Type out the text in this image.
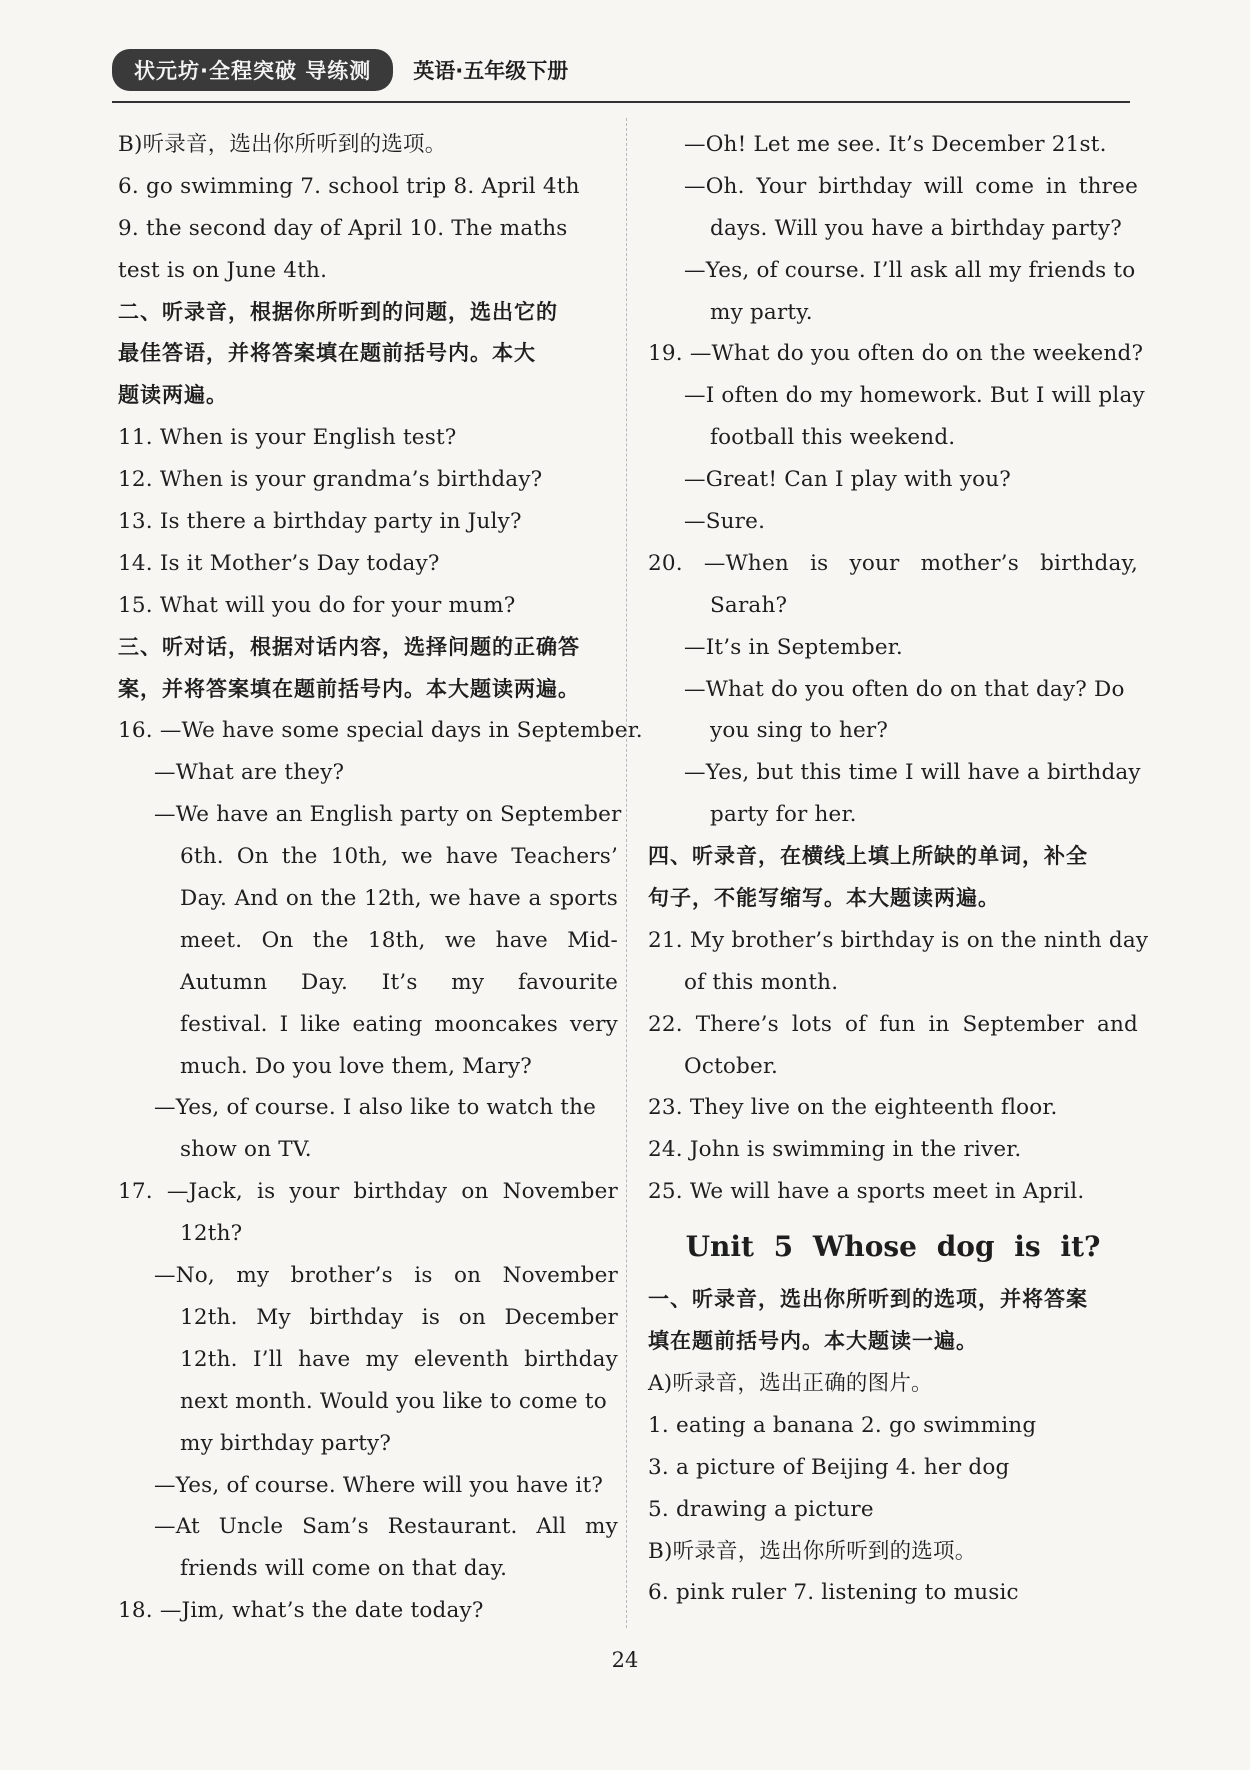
状元坊·全程突破 导练测	英语·五年级下册
B)听录音，选出你所听到的选项。
6. go swimming 7. school trip 8. April 4th
9. the second day of April 10. The maths
test is on June 4th.
二、听录音，根据你所听到的问题，选出它的
最佳答语，并将答案填在题前括号内。本大
题读两遍。
11. When is your English test?
12. When is your grandma’s birthday?
13. Is there a birthday party in July?
14. Is it Mother’s Day today?
15. What will you do for your mum?
三、听对话，根据对话内容，选择问题的正确答
案，并将答案填在题前括号内。本大题读两遍。
16. —We have some special days in September.
—What are they?
—We have an English party on September
6th. On the 10th, we have Teachers’
Day. And on the 12th, we have a sports
meet. On the 18th, we have Mid-
Autumn Day. It’s my favourite
festival. I like eating mooncakes very
much. Do you love them, Mary?
—Yes, of course. I also like to watch the
show on TV.
17. —Jack, is your birthday on November
12th?
—No, my brother’s is on November
12th. My birthday is on December
12th. I’ll have my eleventh birthday
next month. Would you like to come to
my birthday party?
—Yes, of course. Where will you have it?
—At Uncle Sam’s Restaurant. All my
friends will come on that day.
18. —Jim, what’s the date today?
—Oh! Let me see. It’s December 21st.
—Oh. Your birthday will come in three
days. Will you have a birthday party?
—Yes, of course. I’ll ask all my friends to
my party.
19. —What do you often do on the weekend?
—I often do my homework. But I will play
football this weekend.
—Great! Can I play with you?
—Sure.
20. —When is your mother’s birthday,
Sarah?
—It’s in September.
—What do you often do on that day? Do
you sing to her?
—Yes, but this time I will have a birthday
party for her.
四、听录音，在横线上填上所缺的单词，补全
句子，不能写缩写。本大题读两遍。
21. My brother’s birthday is on the ninth day
of this month.
22. There’s lots of fun in September and
October.
23. They live on the eighteenth floor.
24. John is swimming in the river.
25. We will have a sports meet in April.
Unit 5 Whose dog is it?
一、听录音，选出你所听到的选项，并将答案
填在题前括号内。本大题读一遍。
A)听录音，选出正确的图片。
1. eating a banana 2. go swimming
3. a picture of Beijing 4. her dog
5. drawing a picture
B)听录音，选出你所听到的选项。
6. pink ruler 7. listening to music
24
